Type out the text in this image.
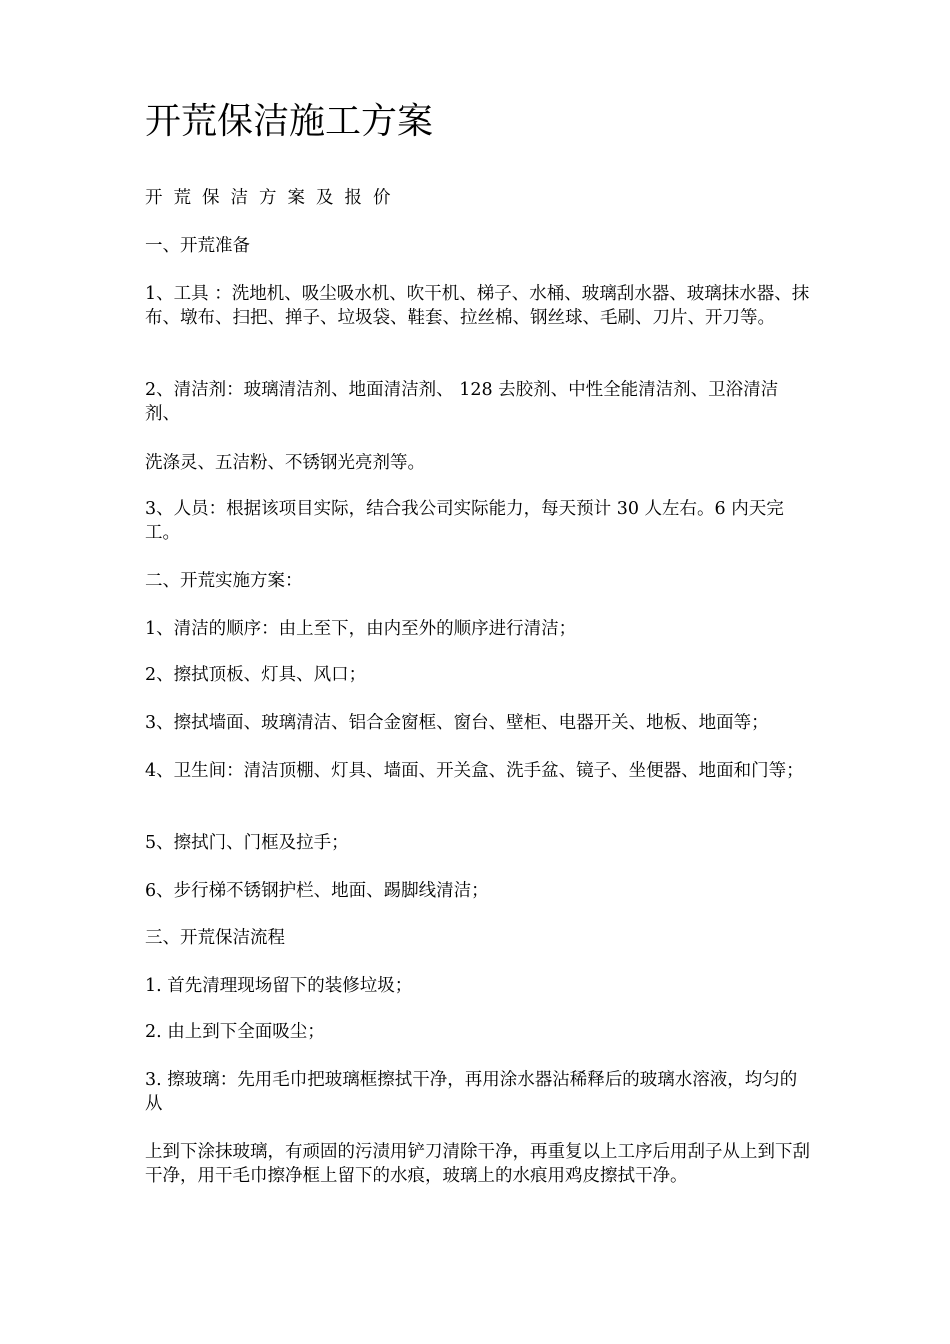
开荒保洁施工方案

开荒保洁方案及报价

一、开荒准备

1、工具 ：洗地机、吸尘吸水机、吹干机、梯子、水桶、玻璃刮水器、玻璃抹水器、抹布、墩布、扫把、掸子、垃圾袋、鞋套、拉丝棉、钢丝球、毛刷、刀片、开刀等。

2、清洁剂：玻璃清洁剂、地面清洁剂、 128 去胶剂、中性全能清洁剂、卫浴清洁剂、

洗涤灵、五洁粉、不锈钢光亮剂等。

3、人员：根据该项目实际，结合我公司实际能力，每天预计 30 人左右。6 内天完工。

二、开荒实施方案：

1、清洁的顺序：由上至下，由内至外的顺序进行清洁；

2、擦拭顶板、灯具、风口；

3、擦拭墙面、玻璃清洁、铝合金窗框、窗台、壁柜、电器开关、地板、地面等；

4、卫生间：清洁顶棚、灯具、墙面、开关盒、洗手盆、镜子、坐便器、地面和门等；

5、擦拭门、门框及拉手；

6、步行梯不锈钢护栏、地面、踢脚线清洁；

三、开荒保洁流程

1. 首先清理现场留下的装修垃圾；

2. 由上到下全面吸尘；

3. 擦玻璃：先用毛巾把玻璃框擦拭干净，再用涂水器沾稀释后的玻璃水溶液，均匀的从

上到下涂抹玻璃，有顽固的污渍用铲刀清除干净，再重复以上工序后用刮子从上到下刮干净，用干毛巾擦净框上留下的水痕，玻璃上的水痕用鸡皮擦拭干净。
